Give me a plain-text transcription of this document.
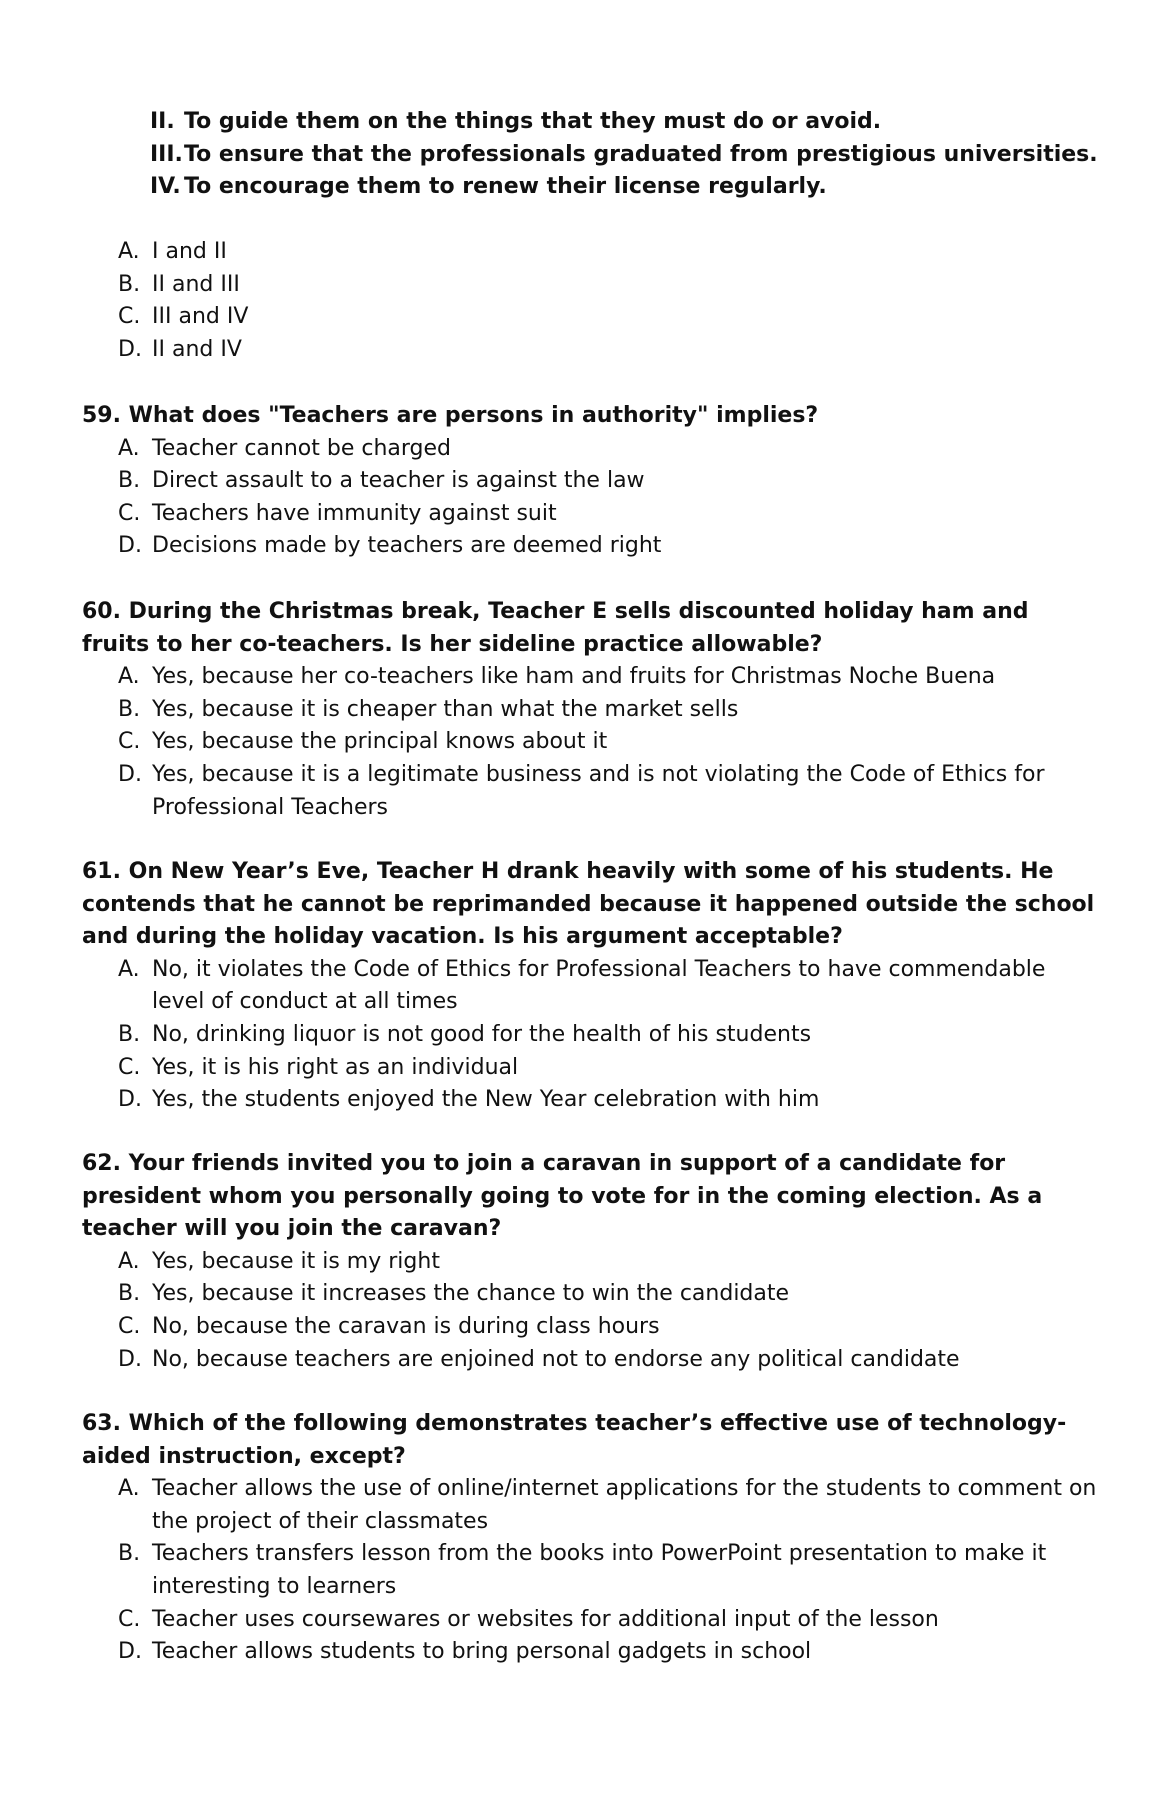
II. To guide them on the things that they must do or avoid.
III. To ensure that the professionals graduated from prestigious universities.
IV. To encourage them to renew their license regularly.
A. I and II
B. II and III
C. III and IV
D. II and IV

59. What does "Teachers are persons in authority" implies?

A. Teacher cannot be charged
B. Direct assault to a teacher is against the law
C. Teachers have immunity against suit
D. Decisions made by teachers are deemed right

60. During the Christmas break, Teacher E sells discounted holiday ham and fruits to her co-teachers. Is her sideline practice allowable?

A. Yes, because her co-teachers like ham and fruits for Christmas Noche Buena
B. Yes, because it is cheaper than what the market sells
C. Yes, because the principal knows about it
D. Yes, because it is a legitimate business and is not violating the Code of Ethics for Professional Teachers

61. On New Year’s Eve, Teacher H drank heavily with some of his students. He contends that he cannot be reprimanded because it happened outside the school and during the holiday vacation. Is his argument acceptable?

A. No, it violates the Code of Ethics for Professional Teachers to have commendable level of conduct at all times
B. No, drinking liquor is not good for the health of his students
C. Yes, it is his right as an individual
D. Yes, the students enjoyed the New Year celebration with him

62. Your friends invited you to join a caravan in support of a candidate for president whom you personally going to vote for in the coming election. As a teacher will you join the caravan?

A. Yes, because it is my right
B. Yes, because it increases the chance to win the candidate
C. No, because the caravan is during class hours
D. No, because teachers are enjoined not to endorse any political candidate

63. Which of the following demonstrates teacher’s effective use of technology-aided instruction, except?

A. Teacher allows the use of online/internet applications for the students to comment on the project of their classmates
B. Teachers transfers lesson from the books into PowerPoint presentation to make it interesting to learners
C. Teacher uses coursewares or websites for additional input of the lesson
D. Teacher allows students to bring personal gadgets in school
